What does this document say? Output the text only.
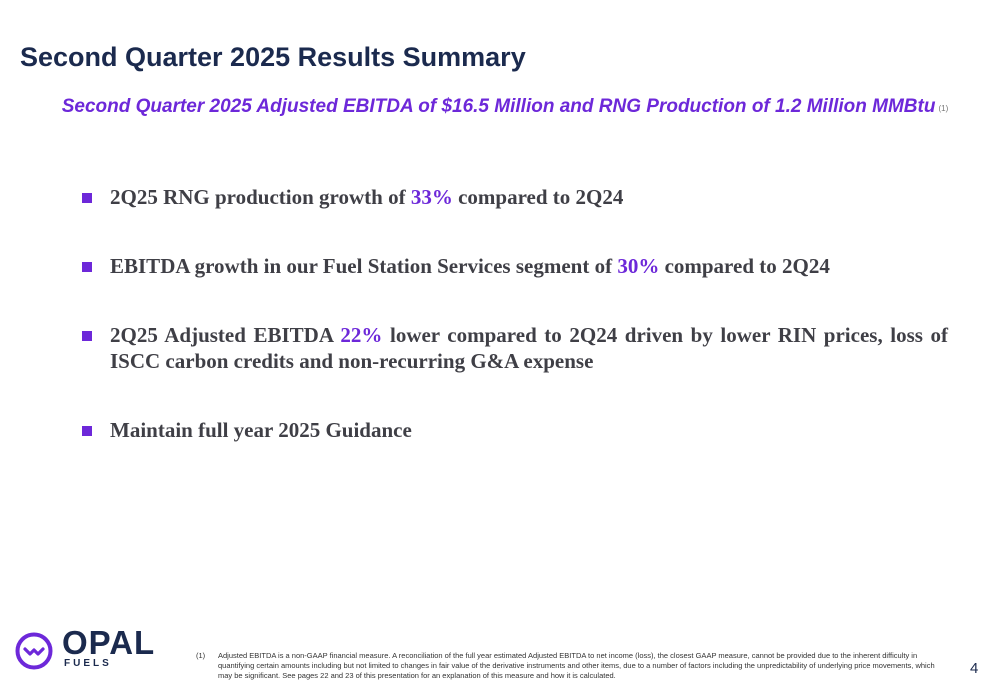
Second Quarter 2025 Results Summary
Second Quarter 2025 Adjusted EBITDA of $16.5 Million and RNG Production of 1.2 Million MMBtu $^{(1)}$
2Q25 RNG production growth of 33% compared to 2Q24
EBITDA growth in our Fuel Station Services segment of 30% compared to 2Q24
2Q25 Adjusted EBITDA 22% lower compared to 2Q24 driven by lower RIN prices, loss of ISCC carbon credits and non-recurring G&A expense
Maintain full year 2025 Guidance
OPAL
FUELS
(1) Adjusted EBITDA is a non-GAAP financial measure. A reconciliation of the full year estimated Adjusted EBITDA to net income (loss), the closest GAAP measure, cannot be provided due to the inherent difficulty in quantifying certain amounts including but not limited to changes in fair value of the derivative instruments and other items, due to a number of factors including the unpredictability of underlying price movements, which may be significant. See pages 22 and 23 of this presentation for an explanation of this measure and how it is calculated.	4
